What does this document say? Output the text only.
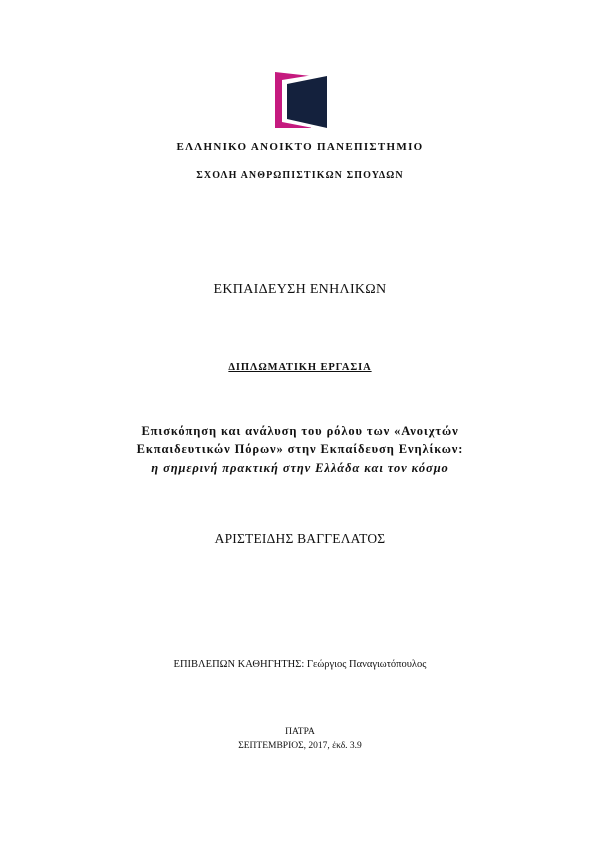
ΕΛΛΗΝΙΚΟ ΑΝΟΙΚΤΟ ΠΑΝΕΠΙΣΤΗΜΙΟ
ΣΧΟΛΗ ΑΝΘΡΩΠΙΣΤΙΚΩΝ ΣΠΟΥΔΩΝ
ΕΚΠΑΙΔΕΥΣΗ ΕΝΗΛΙΚΩΝ
ΔΙΠΛΩΜΑΤΙΚΗ ΕΡΓΑΣΙΑ
Επισκόπηση και ανάλυση του ρόλου των «Ανοιχτών
Εκπαιδευτικών Πόρων» στην Εκπαίδευση Ενηλίκων:
η σημερινή πρακτική στην Ελλάδα και τον κόσμο
ΑΡΙΣΤΕΙΔΗΣ ΒΑΓΓΕΛΑΤΟΣ
ΕΠΙΒΛΕΠΩΝ ΚΑΘΗΓΗΤΗΣ: Γεώργιος Παναγιωτόπουλος
ΠΑΤΡΑ
ΣΕΠΤΕΜΒΡΙΟΣ, 2017, έκδ. 3.9
